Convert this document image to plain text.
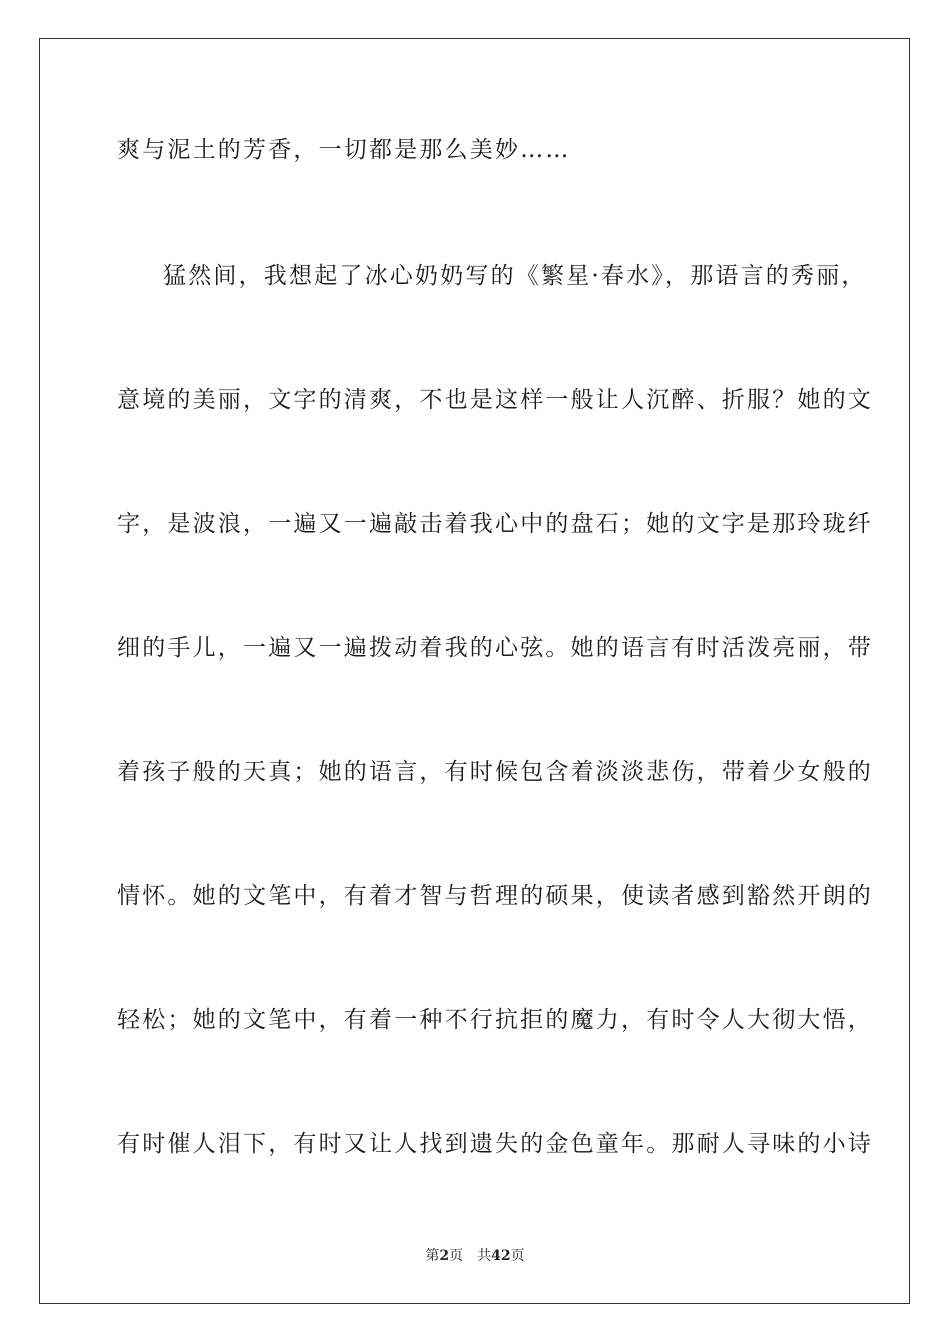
爽与泥土的芳香，一切都是那么美妙……
猛然间，我想起了冰心奶奶写的《繁星·春水》，那语言的秀丽，
意境的美丽，文字的清爽，不也是这样一般让人沉醉、折服？她的文
字，是波浪，一遍又一遍敲击着我心中的盘石；她的文字是那玲珑纤
细的手儿，一遍又一遍拨动着我的心弦。她的语言有时活泼亮丽，带
着孩子般的天真；她的语言，有时候包含着淡淡悲伤，带着少女般的
情怀。她的文笔中，有着才智与哲理的硕果，使读者感到豁然开朗的
轻松；她的文笔中，有着一种不行抗拒的魔力，有时令人大彻大悟，
有时催人泪下，有时又让人找到遗失的金色童年。那耐人寻味的小诗
第2页 共42页
